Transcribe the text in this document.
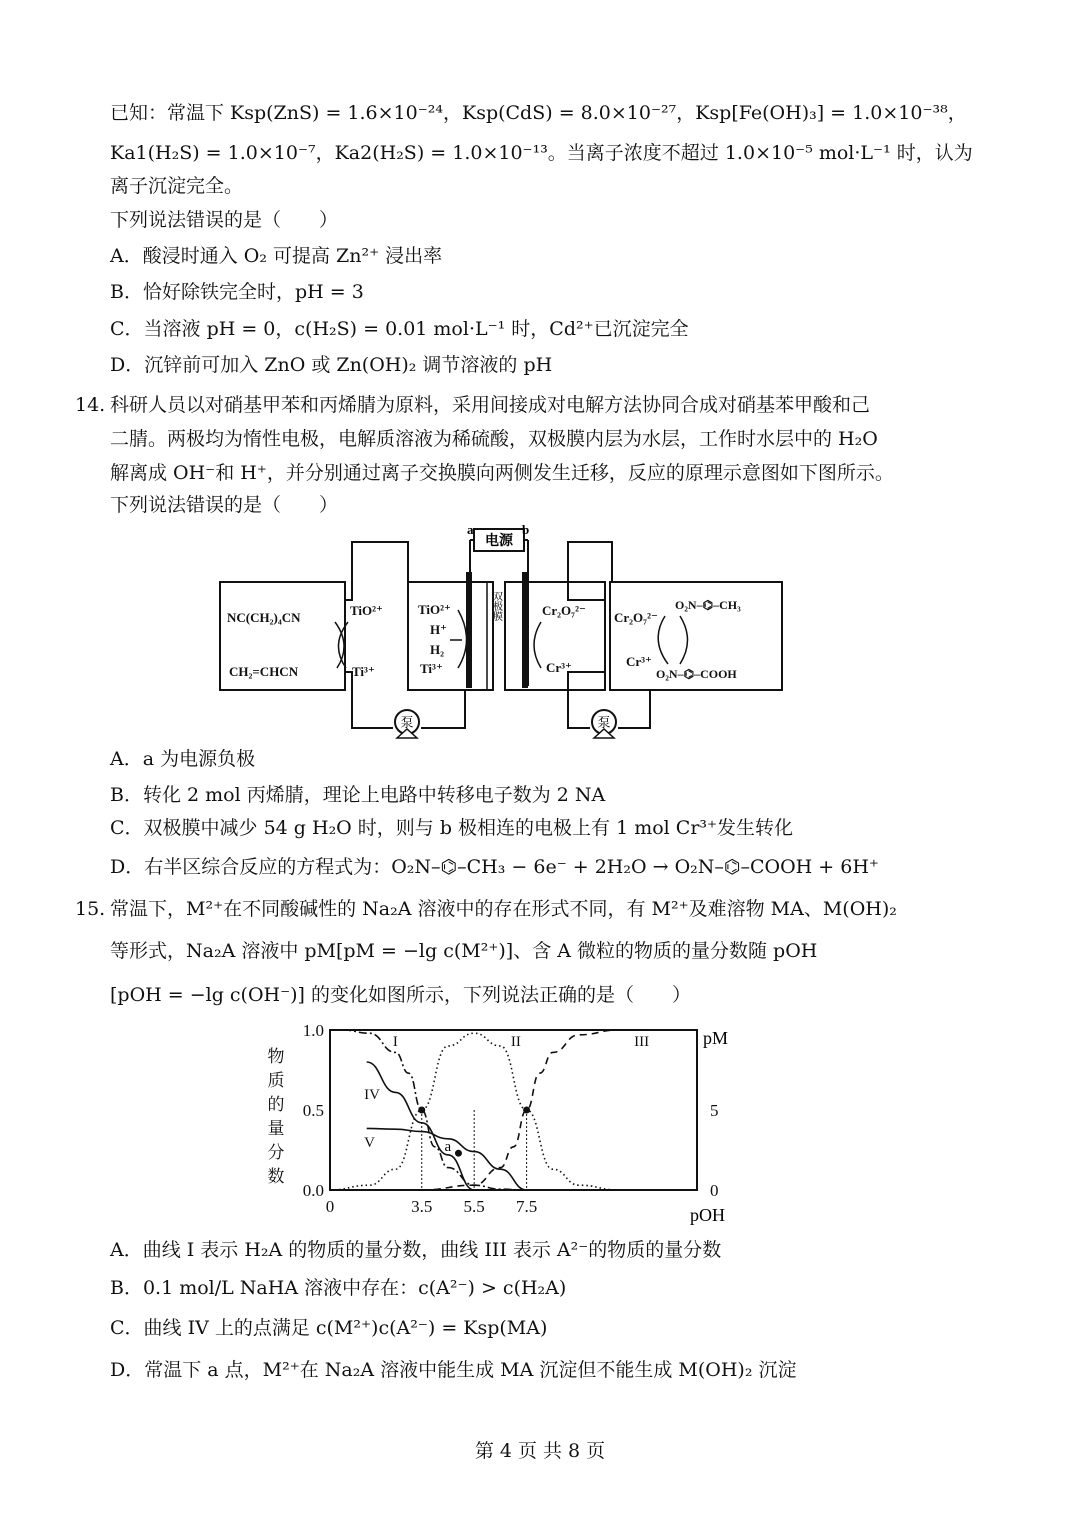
已知：常温下 Ksp(ZnS) = 1.6×10⁻²⁴，Ksp(CdS) = 8.0×10⁻²⁷，Ksp[Fe(OH)₃] = 1.0×10⁻³⁸，
Ka1(H₂S) = 1.0×10⁻⁷，Ka2(H₂S) = 1.0×10⁻¹³。当离子浓度不超过 1.0×10⁻⁵ mol·L⁻¹ 时，认为
离子沉淀完全。
下列说法错误的是（　　）
A．酸浸时通入 O₂ 可提高 Zn²⁺ 浸出率
B．恰好除铁完全时，pH = 3
C．当溶液 pH = 0，c(H₂S) = 0.01 mol·L⁻¹ 时，Cd²⁺已沉淀完全
D．沉锌前可加入 ZnO 或 Zn(OH)₂ 调节溶液的 pH
14. 科研人员以对硝基甲苯和丙烯腈为原料，采用间接成对电解方法协同合成对硝基苯甲酸和己
二腈。两极均为惰性电极，电解质溶液为稀硫酸，双极膜内层为水层，工作时水层中的 H₂O
解离成 OH⁻和 H⁺，并分别通过离子交换膜向两侧发生迁移，反应的原理示意图如下图所示。
下列说法错误的是（　　）
双极膜
泵	泵
电源
a	b
NC(CH₂)₄CN	TiO²⁺
CH₂=CHCN	Ti³⁺
TiO²⁺
H⁺
H₂
Ti³⁺
Cr₂O₇²⁻
Cr³⁺
Cr₂O₇²⁻
Cr³⁺
O₂N–⌬–CH₃
O₂N–⌬–COOH
A．a 为电源负极
B．转化 2 mol 丙烯腈，理论上电路中转移电子数为 2 NA
C．双极膜中减少 54 g H₂O 时，则与 b 极相连的电极上有 1 mol Cr³⁺发生转化
D．右半区综合反应的方程式为：O₂N–⌬–CH₃ − 6e⁻ + 2H₂O → O₂N–⌬–COOH + 6H⁺
15. 常温下，M²⁺在不同酸碱性的 Na₂A 溶液中的存在形式不同，有 M²⁺及难溶物 MA、M(OH)₂
等形式，Na₂A 溶液中 pM[pM = −lg c(M²⁺)]、含 A 微粒的物质的量分数随 pOH
[pOH = −lg c(OH⁻)] 的变化如图所示，下列说法正确的是（　　）
物
质
的
量
分
数
pM
pOH
0	3.5 5.5 7.5
0.0
0.5
1.0
0
5
a
I	II	III
IV
V
A．曲线 I 表示 H₂A 的物质的量分数，曲线 III 表示 A²⁻的物质的量分数
B．0.1 mol/L NaHA 溶液中存在：c(A²⁻) > c(H₂A)
C．曲线 IV 上的点满足 c(M²⁺)c(A²⁻) = Ksp(MA)
D．常温下 a 点，M²⁺在 Na₂A 溶液中能生成 MA 沉淀但不能生成 M(OH)₂ 沉淀
第 4 页 共 8 页
